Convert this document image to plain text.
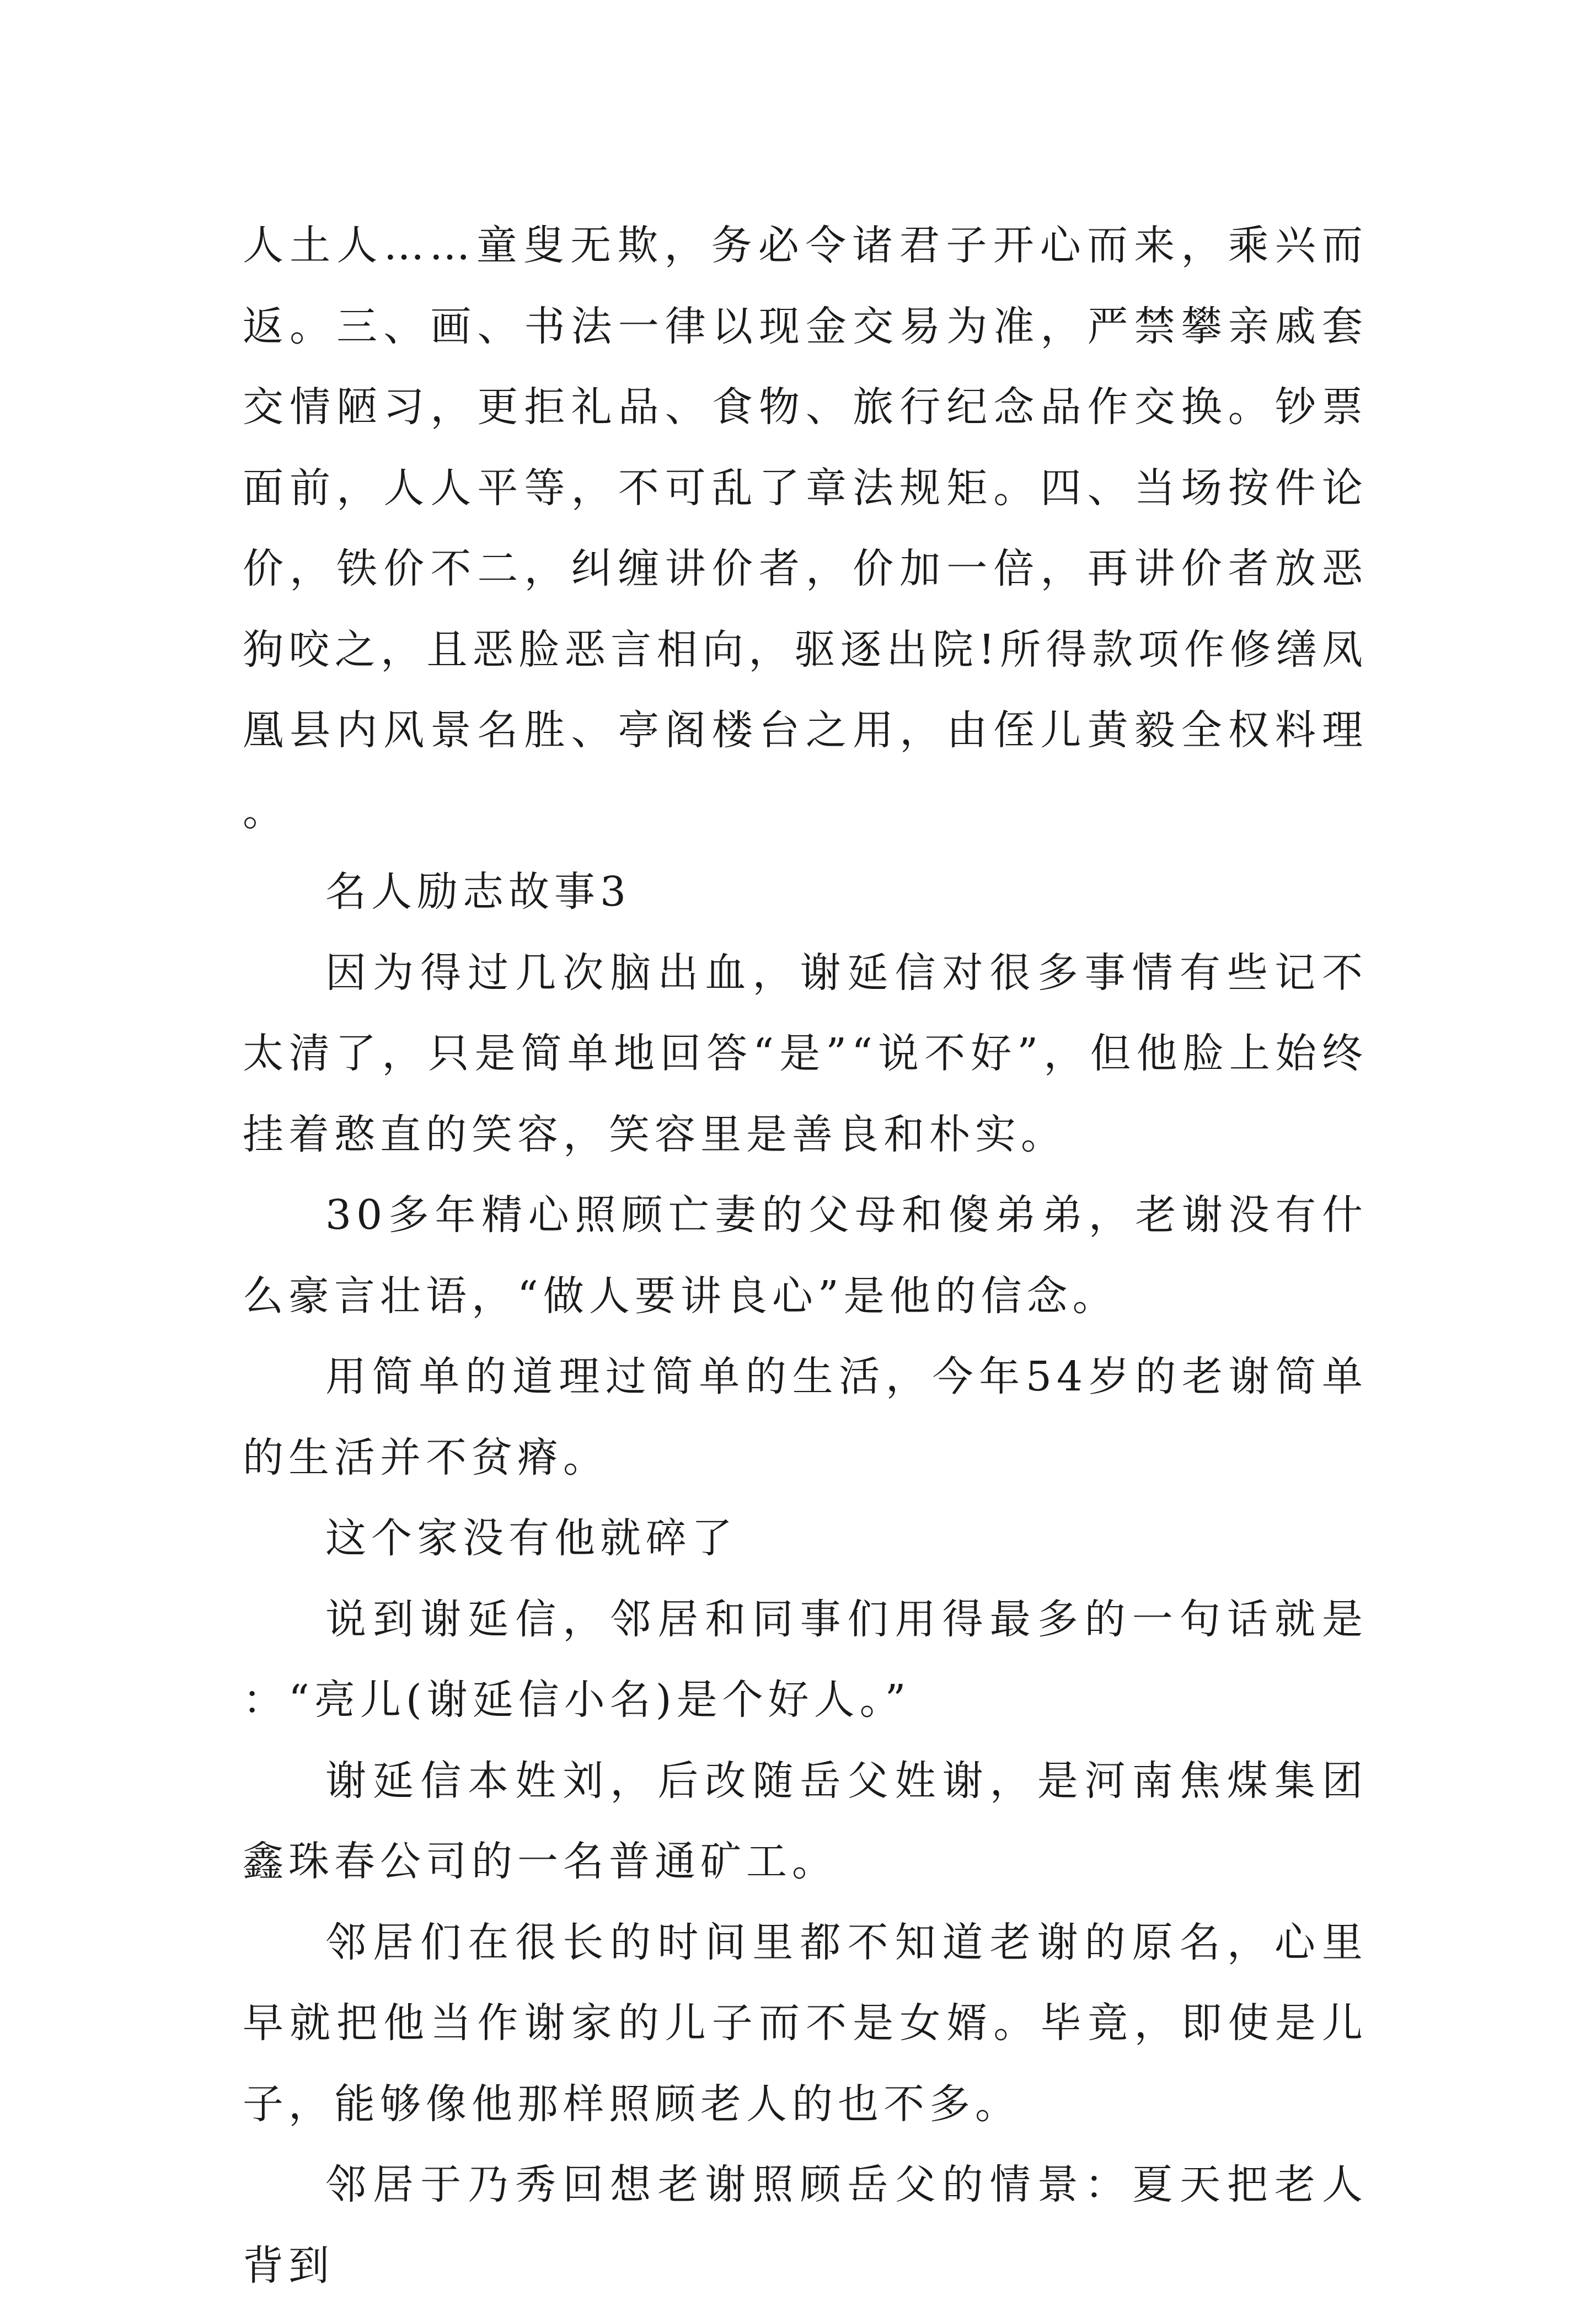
人土人……童叟无欺，务必令诸君子开心而来，乘兴而返。三、画、书法一律以现金交易为准，严禁攀亲戚套交情陋习，更拒礼品、食物、旅行纪念品作交换。钞票面前，人人平等，不可乱了章法规矩。四、当场按件论价，铁价不二，纠缠讲价者，价加一倍，再讲价者放恶狗咬之，且恶脸恶言相向，驱逐出院!所得款项作修缮凤凰县内风景名胜、亭阁楼台之用，由侄儿黄毅全权料理。

名人励志故事3

因为得过几次脑出血，谢延信对很多事情有些记不太清了，只是简单地回答“是”“说不好”，但他脸上始终挂着憨直的笑容，笑容里是善良和朴实。

30多年精心照顾亡妻的父母和傻弟弟，老谢没有什么豪言壮语，“做人要讲良心”是他的信念。

用简单的道理过简单的生活，今年54岁的老谢简单的生活并不贫瘠。

这个家没有他就碎了

说到谢延信，邻居和同事们用得最多的一句话就是：“亮儿(谢延信小名)是个好人。”

谢延信本姓刘，后改随岳父姓谢，是河南焦煤集团鑫珠春公司的一名普通矿工。

邻居们在很长的时间里都不知道老谢的原名，心里早就把他当作谢家的儿子而不是女婿。毕竟，即使是儿子，能够像他那样照顾老人的也不多。

邻居于乃秀回想老谢照顾岳父的情景：夏天把老人背到
